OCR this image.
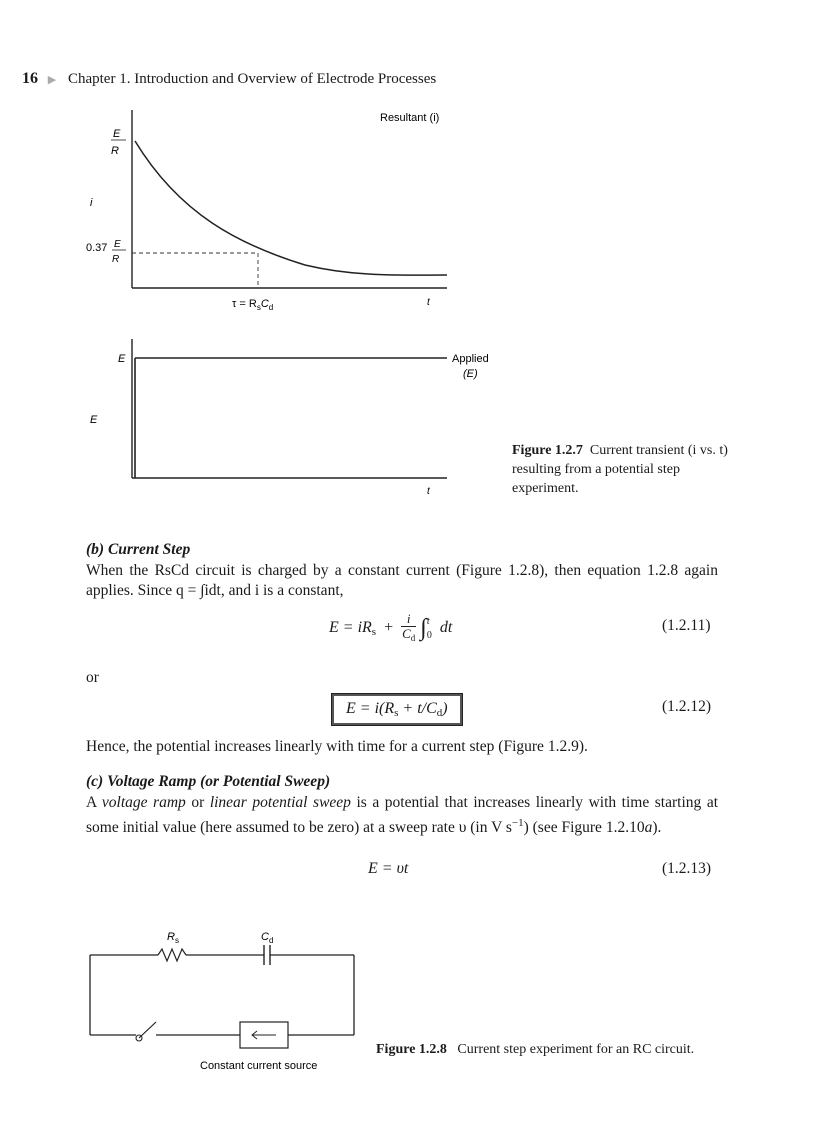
16 ▶ Chapter 1. Introduction and Overview of Electrode Processes
Resultant (i)
i
E
R
0.37 E
R
$\tau = R_sC_d$	t
E
E
Applied
(E)
t
Figure 1.2.7 Current transient (i vs. t) resulting from a potential step experiment.
(b) Current Step
When the RsCd circuit is charged by a constant current (Figure 1.2.8), then equation 1.2.8 again applies. Since q = ∫idt, and i is a constant,
$E = iR_s + \frac{i}{C_d}$ ∫ t
0 dt	(1.2.11)
or
$E = i(R_s + t/C_d)$	(1.2.12)
Hence, the potential increases linearly with time for a current step (Figure 1.2.9).
(c) Voltage Ramp (or Potential Sweep)
A voltage ramp or linear potential sweep is a potential that increases linearly with time starting at some initial value (here assumed to be zero) at a sweep rate υ (in V $s^{-1}$) (see Figure 1.2.10a).
E = υt	(1.2.13)
$R_s$	$C_d$
Constant current source
Figure 1.2.8 Current step experiment for an RC circuit.
